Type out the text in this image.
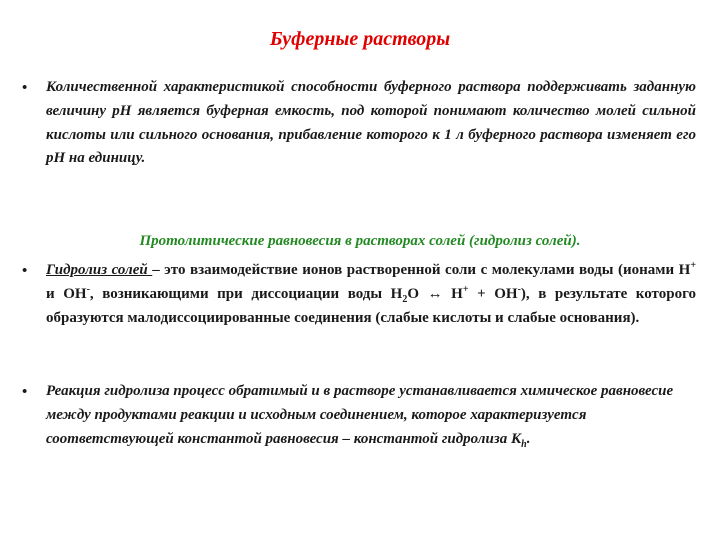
Буферные растворы
• Количественной характеристикой способности буферного раствора поддерживать заданную величину рН является буферная емкость, под которой понимают количество молей сильной кислоты или сильного основания, прибавление которого к 1 л буферного раствора изменяет его рН на единицу.
Протолитические равновесия в растворах солей (гидролиз солей).
• Гидролиз солей – это взаимодействие ионов растворенной соли с молекулами воды (ионами Н+ и ОН-, возникающими при диссоциации воды $Н_2О$ ↔ Н+ + ОН-), в результате которого образуются малодиссоциированные соединения (слабые кислоты и слабые основания).
• Реакция гидролиза процесс обратимый и в растворе устанавливается химическое равновесие между продуктами реакции и исходным соединением, которое характеризуется соответствующей константой равновесия – константой гидролиза $К_h$.
